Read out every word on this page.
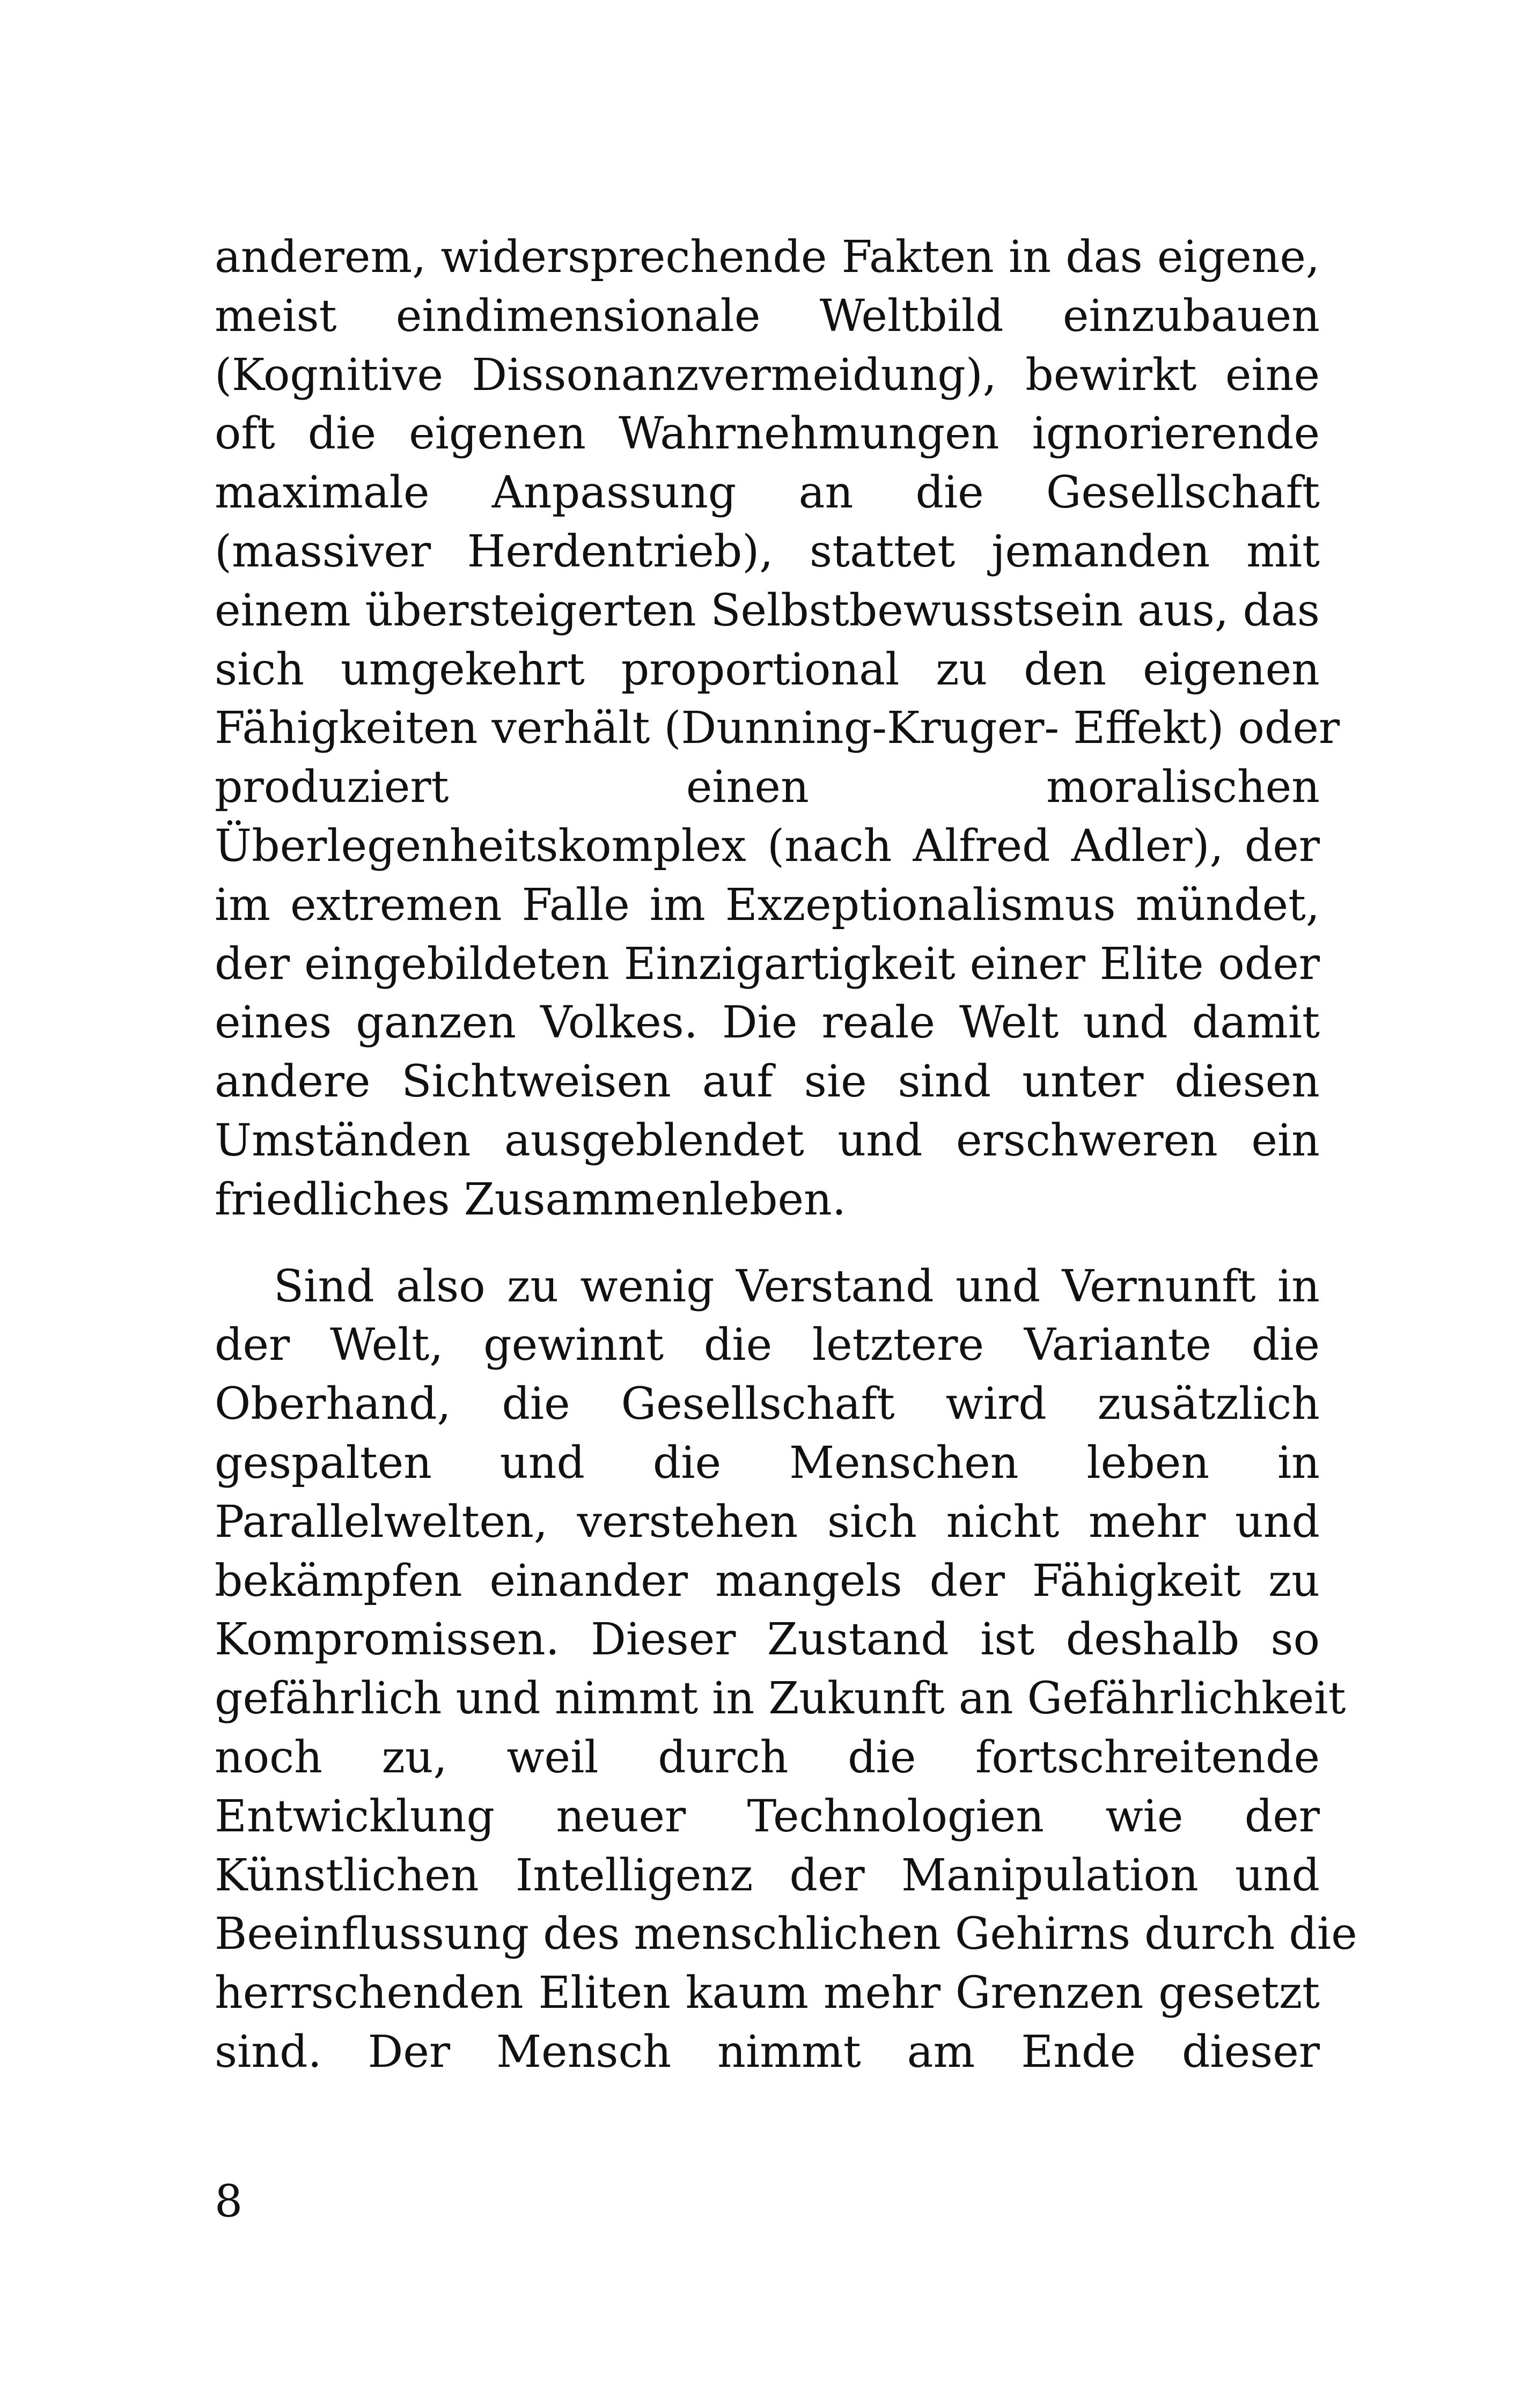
anderem, widersprechende Fakten in das eigene,
meist eindimensionale Weltbild einzubauen
(Kognitive Dissonanzvermeidung), bewirkt eine
oft die eigenen Wahrnehmungen ignorierende
maximale Anpassung an die Gesellschaft
(massiver Herdentrieb), stattet jemanden mit
einem übersteigerten Selbstbewusstsein aus, das
sich umgekehrt proportional zu den eigenen
Fähigkeiten verhält (Dunning-Kruger- Effekt) oder
produziert einen moralischen
Überlegenheitskomplex (nach Alfred Adler), der
im extremen Falle im Exzeptionalismus mündet,
der eingebildeten Einzigartigkeit einer Elite oder
eines ganzen Volkes. Die reale Welt und damit
andere Sichtweisen auf sie sind unter diesen
Umständen ausgeblendet und erschweren ein
friedliches Zusammenleben.

Sind also zu wenig Verstand und Vernunft in
der Welt, gewinnt die letztere Variante die
Oberhand, die Gesellschaft wird zusätzlich
gespalten und die Menschen leben in
Parallelwelten, verstehen sich nicht mehr und
bekämpfen einander mangels der Fähigkeit zu
Kompromissen. Dieser Zustand ist deshalb so
gefährlich und nimmt in Zukunft an Gefährlichkeit
noch zu, weil durch die fortschreitende
Entwicklung neuer Technologien wie der
Künstlichen Intelligenz der Manipulation und
Beeinflussung des menschlichen Gehirns durch die
herrschenden Eliten kaum mehr Grenzen gesetzt
sind. Der Mensch nimmt am Ende dieser

8
